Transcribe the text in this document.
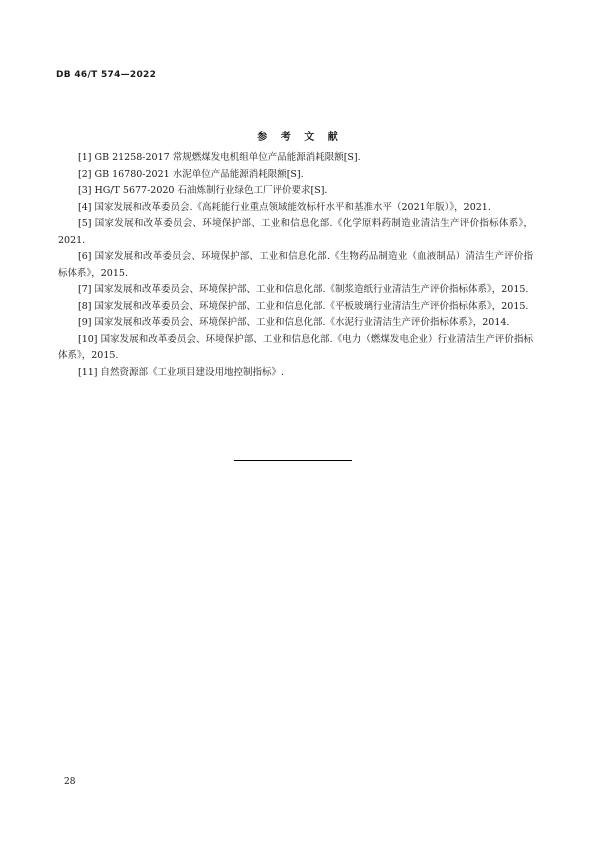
DB 46/T 574—2022
参 考 文 献
[1] GB 21258-2017 常规燃煤发电机组单位产品能源消耗限额[S].
[2] GB 16780-2021 水泥单位产品能源消耗限额[S].
[3] HG/T 5677-2020 石油炼制行业绿色工厂评价要求[S].
[4] 国家发展和改革委员会.《高耗能行业重点领域能效标杆水平和基准水平（2021年版）》，2021.
[5] 国家发展和改革委员会、环境保护部、工业和信息化部.《化学原料药制造业清洁生产评价指标体系》，2021.
[6] 国家发展和改革委员会、环境保护部、工业和信息化部.《生物药品制造业（血液制品）清洁生产评价指标体系》，2015.
[7] 国家发展和改革委员会、环境保护部、工业和信息化部.《制浆造纸行业清洁生产评价指标体系》，2015.
[8] 国家发展和改革委员会、环境保护部、工业和信息化部.《平板玻璃行业清洁生产评价指标体系》，2015.
[9] 国家发展和改革委员会、环境保护部、工业和信息化部.《水泥行业清洁生产评价指标体系》，2014.
[10] 国家发展和改革委员会、环境保护部、工业和信息化部.《电力（燃煤发电企业）行业清洁生产评价指标体系》，2015.
[11] 自然资源部《工业项目建设用地控制指标》.
28
